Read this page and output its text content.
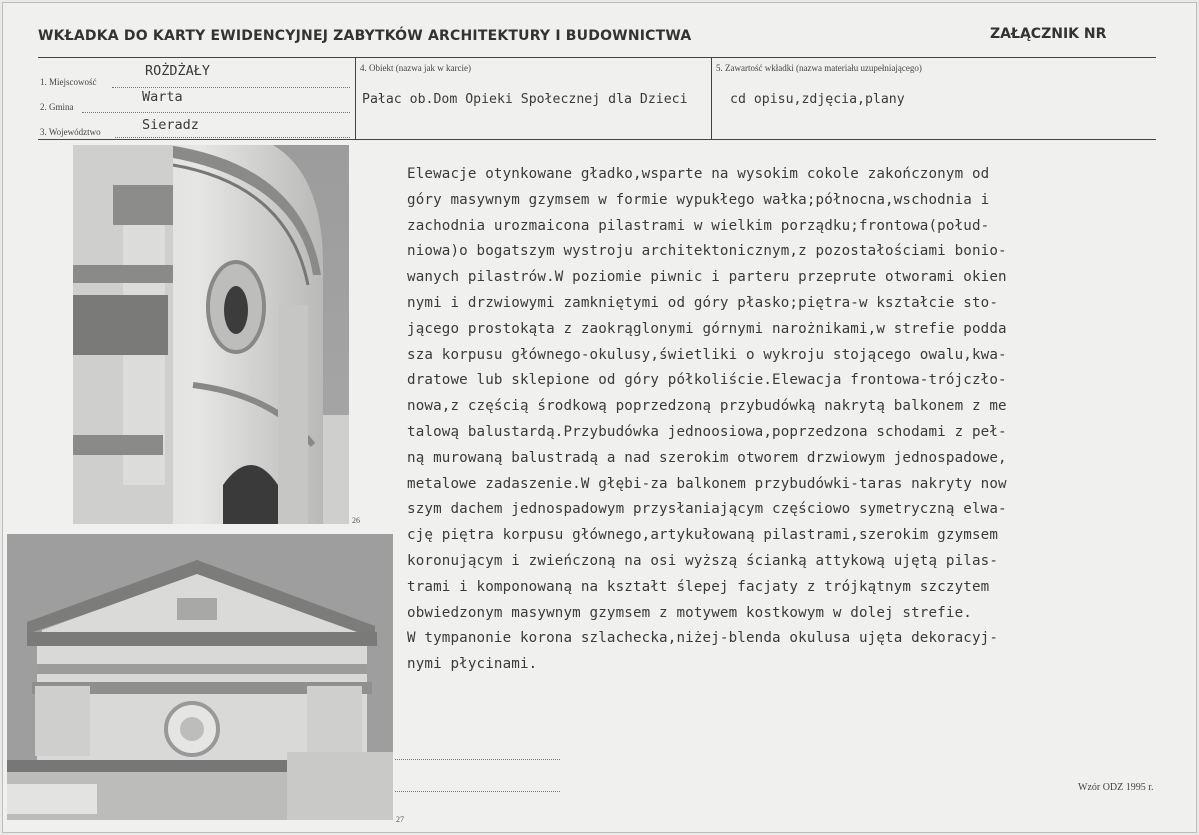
WKŁADKA DO KARTY EWIDENCYJNEJ ZABYTKÓW ARCHITEKTURY I BUDOWNICTWA	ZAŁĄCZNIK NR
1. Miejscowość
ROŻDŻAŁY
2. Gmina
Warta
3. Województwo	Sieradz
4. Obiekt (nazwa jak w karcie)
Pałac ob.Dom Opieki Społecznej dla Dzieci
5. Zawartość wkładki (nazwa materiału uzupełniającego)
cd opisu,zdjęcia,plany
26
27
Elewacje otynkowane gładko,wsparte na wysokim cokole zakończonym od
góry masywnym gzymsem w formie wypukłego wałka;północna,wschodnia i
zachodnia urozmaicona pilastrami w wielkim porządku;frontowa(połud-
niowa)o bogatszym wystroju architektonicznym,z pozostałościami bonio-
wanych pilastrów.W poziomie piwnic i parteru przeprute otworami okien
nymi i drzwiowymi zamkniętymi od góry płasko;piętra-w kształcie sto-
jącego prostokąta z zaokrąglonymi górnymi narożnikami,w strefie podda
sza korpusu głównego-okulusy,świetliki o wykroju stojącego owalu,kwa-
dratowe lub sklepione od góry półkoliście.Elewacja frontowa-trójczło-
nowa,z częścią środkową poprzedzoną przybudówką nakrytą balkonem z me
talową balustardą.Przybudówka jednoosiowa,poprzedzona schodami z peł-
ną murowaną balustradą a nad szerokim otworem drzwiowym jednospadowe,
metalowe zadaszenie.W głębi-za balkonem przybudówki-taras nakryty now
szym dachem jednospadowym przysłaniającym częściowo symetryczną elwa-
cję piętra korpusu głównego,artykułowaną pilastrami,szerokim gzymsem
koronującym i zwieńczoną na osi wyższą ścianką attykową ujętą pilas-
trami i komponowaną na kształt ślepej facjaty z trójkątnym szczytem
obwiedzonym masywnym gzymsem z motywem kostkowym w dolej strefie.
W tympanonie korona szlachecka,niżej-blenda okulusa ujęta dekoracyj-
nymi płycinami.
Wzór ODZ 1995 r.
